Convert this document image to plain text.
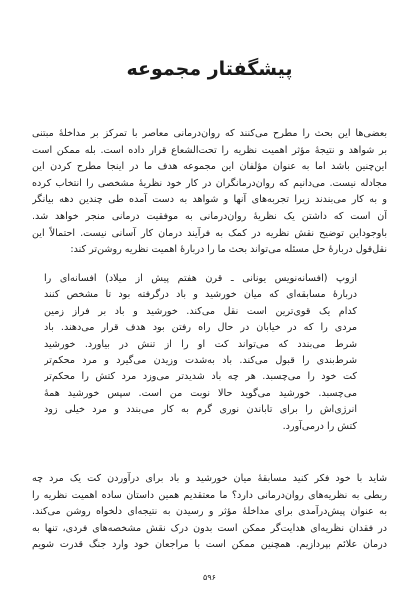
پیشگفتار مجموعه
بعضی‌ها این بحث را مطرح می‌کنند که روان‌درمانی معاصر با تمرکز بر مداخلهٔ مبتنی
بر شواهد و نتیجهٔ مؤثر اهمیت نظریه را تحت‌الشعاع قرار داده است. بله ممکن است
این‌چنین باشد اما به عنوان مؤلفان این مجموعه هدف ما در اینجا مطرح کردن این
مجادله نیست. می‌دانیم که روان‌درمانگران در کار خود نظریهٔ مشخصی را انتخاب کرده
و به کار می‌بندند زیرا تجربه‌های آنها و شواهد به دست آمده طی چندین دهه بیانگر
آن است که داشتن یک نظریهٔ روان‌درمانی به موفقیت درمانی منجر خواهد شد.
باوجوداین توضیح نقش نظریه در کمک به فرآیند درمان کار آسانی نیست. احتمالاً این
نقل‌قول دربارهٔ حل مسئله می‌تواند بحث ما را دربارهٔ اهمیت نظریه روشن‌تر کند:
ازوپ (افسانه‌نویس یونانی ـ قرن هفتم پیش از میلاد) افسانه‌ای را
دربارهٔ مسابقه‌ای که میان خورشید و باد درگرفته بود تا مشخص کنند
کدام یک قوی‌ترین است نقل می‌کند. خورشید و باد بر فراز زمین
مردی را که در خیابان در حال راه رفتن بود هدف قرار می‌دهند. باد
شرط می‌بندد که می‌تواند کت او را از تنش در بیاورد. خورشید
شرط‌بندی را قبول می‌کند. باد به‌شدت وزیدن می‌گیرد و مرد محکم‌تر
کت خود را می‌چسبد. هر چه باد شدیدتر می‌وزد مرد کتش را محکم‌تر
می‌چسبد. خورشید می‌گوید حالا نوبت من است. سپس خورشید همهٔ
انرژی‌اش را برای تاباندن نوری گرم به کار می‌بندد و مرد خیلی زود
کتش را درمی‌آورد.
شاید با خود فکر کنید مسابقهٔ میان خورشید و باد برای درآوردن کت یک مرد چه
ربطی به نظریه‌های روان‌درمانی دارد؟ ما معتقدیم همین داستان ساده اهمیت نظریه را
به عنوان پیش‌درآمدی برای مداخلهٔ مؤثر و رسیدن به نتیجه‌ای دلخواه روشن می‌کند.
در فقدان نظریه‌ای هدایت‌گر ممکن است بدون درک نقش مشخصه‌های فردی، تنها به
درمان علائم بپردازیم. همچنین ممکن است با مراجعان خود وارد جنگ قدرت شویم
۵۹۶
